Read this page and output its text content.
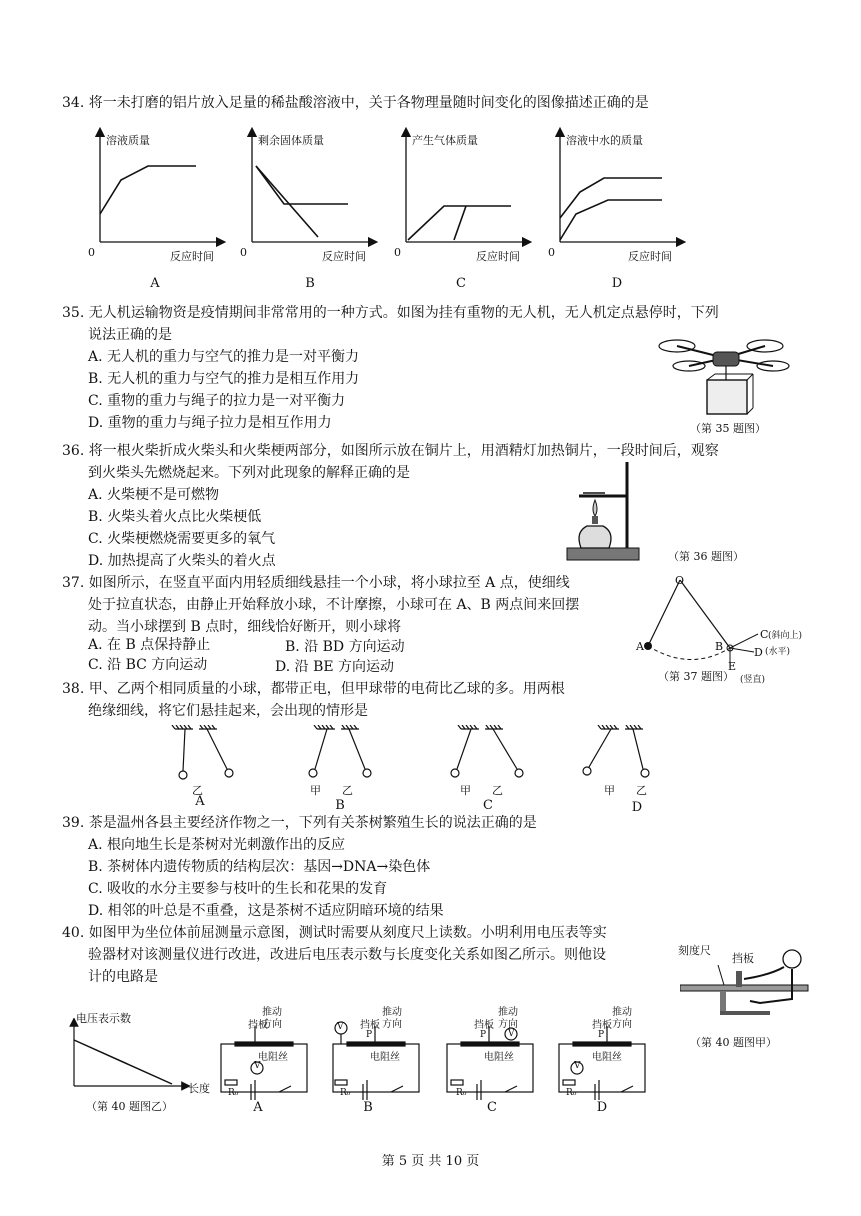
34. 将一未打磨的铝片放入足量的稀盐酸溶液中，关于各物理量随时间变化的图像描述正确的是
溶液质量
0	反应时间
A
剩余固体质量
0	反应时间
B
产生气体质量
0	反应时间
C
溶液中水的质量
0	反应时间
D
35. 无人机运输物资是疫情期间非常常用的一种方式。如图为挂有重物的无人机，无人机定点悬停时，下列
说法正确的是
A. 无人机的重力与空气的推力是一对平衡力
B. 无人机的重力与空气的推力是相互作用力
C. 重物的重力与绳子的拉力是一对平衡力
D. 重物的重力与绳子拉力是相互作用力	（第 35 题图）
36. 将一根火柴折成火柴头和火柴梗两部分，如图所示放在铜片上，用酒精灯加热铜片，一段时间后，观察
到火柴头先燃烧起来。下列对此现象的解释正确的是
A. 火柴梗不是可燃物
B. 火柴头着火点比火柴梗低
C. 火柴梗燃烧需要更多的氧气
D. 加热提高了火柴头的着火点	（第 36 题图）
37. 如图所示，在竖直平面内用轻质细线悬挂一个小球，将小球拉至 A 点，使细线
处于拉直状态，由静止开始释放小球，不计摩擦，小球可在 A、B 两点间来回摆
动。当小球摆到 B 点时，细线恰好断开，则小球将
A. 在 B 点保持静止	B. 沿 BD 方向运动
C. 沿 BC 方向运动	D. 沿 BE 方向运动
O
A	B
C (斜向上)
D (水平)
E
(竖直)
（第 37 题图）
38. 甲、乙两个相同质量的小球，都带正电，但甲球带的电荷比乙球的多。用两根
绝缘细线，将它们悬挂起来，会出现的情形是
乙
A
甲 乙
B
甲 乙
C
甲 乙
D
39. 茶是温州各县主要经济作物之一，下列有关茶树繁殖生长的说法正确的是
A. 根向地生长是茶树对光刺激作出的反应
B. 茶树体内遗传物质的结构层次：基因→DNA→染色体
C. 吸收的水分主要参与枝叶的生长和花果的发育
D. 相邻的叶总是不重叠，这是茶树不适应阴暗环境的结果
40. 如图甲为坐位体前屈测量示意图，测试时需要从刻度尺上读数。小明利用电压表等实
验器材对该测量仪进行改进，改进后电压表示数与长度变化关系如图乙所示。则他设
计的电路是
刻度尺
挡板
（第 40 题图甲）
电压表示数
长度
（第 40 题图乙）
挡板
推动
方向
电阻丝
V
R₀
A
挡板
推动
方向
P
电阻丝
V
R₀
B
挡板
推动
方向
P
电阻丝
V
R₀
C
挡板
推动
方向
P
电阻丝
V
R₀
D
第 5 页 共 10 页
